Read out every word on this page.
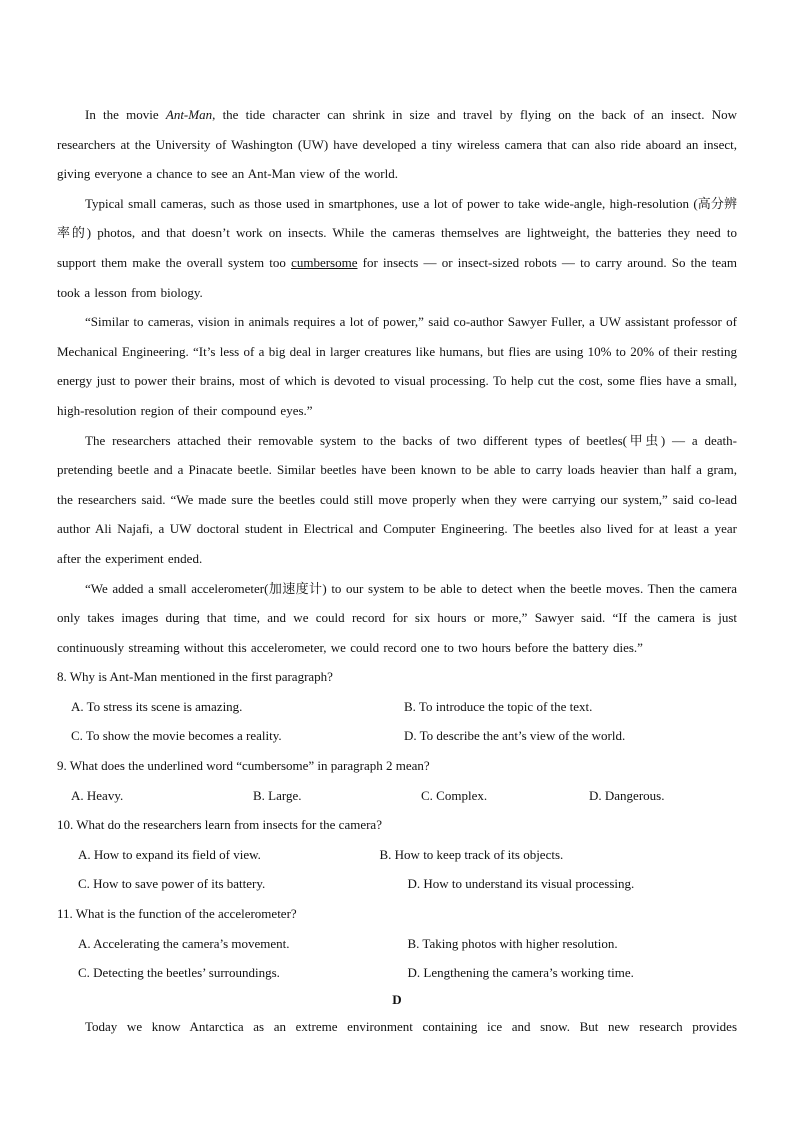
In the movie Ant-Man, the tide character can shrink in size and travel by flying on the back of an insect. Now researchers at the University of Washington (UW) have developed a tiny wireless camera that can also ride aboard an insect, giving everyone a chance to see an Ant-Man view of the world.

Typical small cameras, such as those used in smartphones, use a lot of power to take wide-angle, high-resolution (高分辨率的) photos, and that doesn’t work on insects. While the cameras themselves are lightweight, the batteries they need to support them make the overall system too cumbersome for insects — or insect-sized robots — to carry around. So the team took a lesson from biology.

“Similar to cameras, vision in animals requires a lot of power,” said co-author Sawyer Fuller, a UW assistant professor of Mechanical Engineering. “It’s less of a big deal in larger creatures like humans, but flies are using 10% to 20% of their resting energy just to power their brains, most of which is devoted to visual processing. To help cut the cost, some flies have a small, high-resolution region of their compound eyes.”

The researchers attached their removable system to the backs of two different types of beetles(甲虫) — a death-pretending beetle and a Pinacate beetle. Similar beetles have been known to be able to carry loads heavier than half a gram, the researchers said. “We made sure the beetles could still move properly when they were carrying our system,” said co-lead author Ali Najafi, a UW doctoral student in Electrical and Computer Engineering. The beetles also lived for at least a year after the experiment ended.

“We added a small accelerometer(加速度计) to our system to be able to detect when the beetle moves. Then the camera only takes images during that time, and we could record for six hours or more,” Sawyer said. “If the camera is just continuously streaming without this accelerometer, we could record one to two hours before the battery dies.”

8. Why is Ant-Man mentioned in the first paragraph?

A. To stress its scene is amazing.	B. To introduce the topic of the text.
C. To show the movie becomes a reality.	D. To describe the ant’s view of the world.

9. What does the underlined word “cumbersome” in paragraph 2 mean?

A. Heavy.	B. Large.	C. Complex.	D. Dangerous.

10. What do the researchers learn from insects for the camera?

A. How to expand its field of view.	B. How to keep track of its objects.
C. How to save power of its battery.	D. How to understand its visual processing.

11. What is the function of the accelerometer?

A. Accelerating the camera’s movement.	B. Taking photos with higher resolution.
C. Detecting the beetles’ surroundings.	D. Lengthening the camera’s working time.
D

Today we know Antarctica as an extreme environment containing ice and snow. But new research provides
